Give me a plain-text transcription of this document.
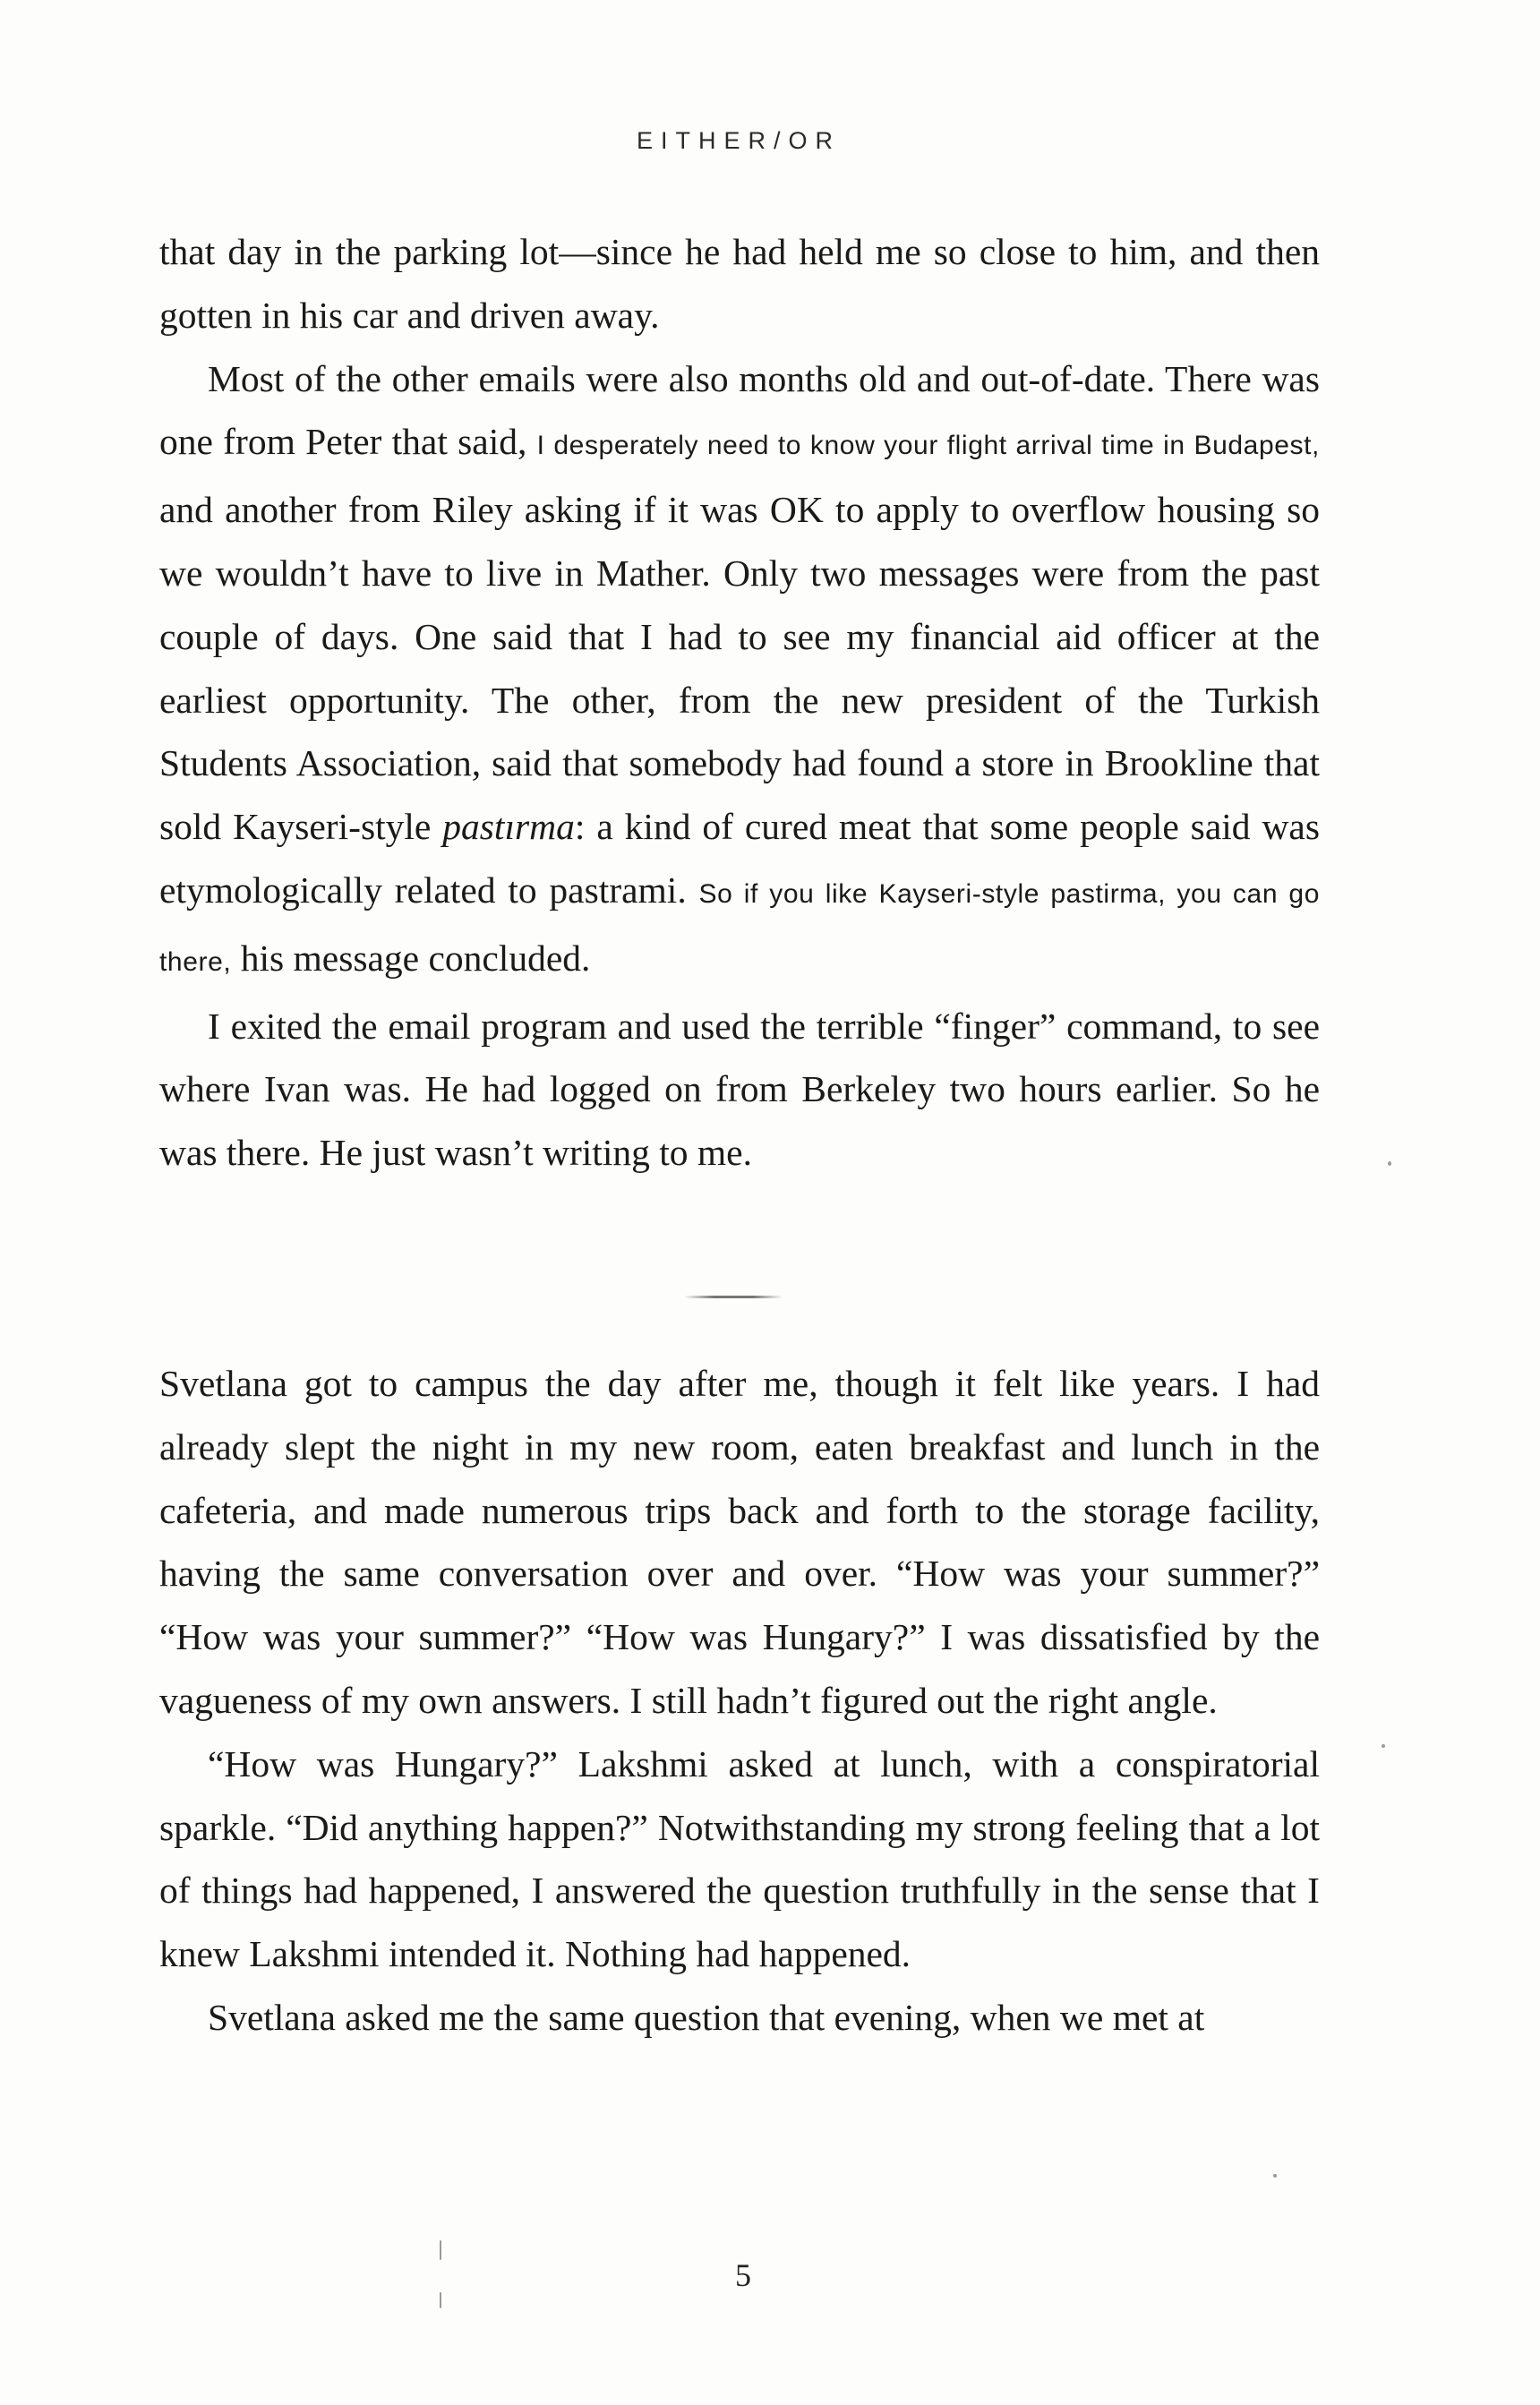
EITHER/OR

that day in the parking lot—since he had held me so close to him, and then gotten in his car and driven away.

Most of the other emails were also months old and out-of-date. There was one from Peter that said, I desperately need to know your flight arrival time in Budapest, and another from Riley asking if it was OK to apply to overflow housing so we wouldn’t have to live in Mather. Only two messages were from the past couple of days. One said that I had to see my financial aid officer at the earliest opportunity. The other, from the new president of the Turkish Students Association, said that somebody had found a store in Brookline that sold Kayseri-style pastırma: a kind of cured meat that some people said was etymologically related to pastrami. So if you like Kayseri-style pastirma, you can go there, his message concluded.

I exited the email program and used the terrible “finger” command, to see where Ivan was. He had logged on from Berkeley two hours earlier. So he was there. He just wasn’t writing to me.

Svetlana got to campus the day after me, though it felt like years. I had already slept the night in my new room, eaten breakfast and lunch in the cafeteria, and made numerous trips back and forth to the storage facility, having the same conversation over and over. “How was your summer?” “How was your summer?” “How was Hungary?” I was dissatisfied by the vagueness of my own answers. I still hadn’t figured out the right angle.

“How was Hungary?” Lakshmi asked at lunch, with a conspiratorial sparkle. “Did anything happen?” Notwithstanding my strong feeling that a lot of things had happened, I answered the question truthfully in the sense that I knew Lakshmi intended it. Nothing had happened.

Svetlana asked me the same question that evening, when we met at

5
